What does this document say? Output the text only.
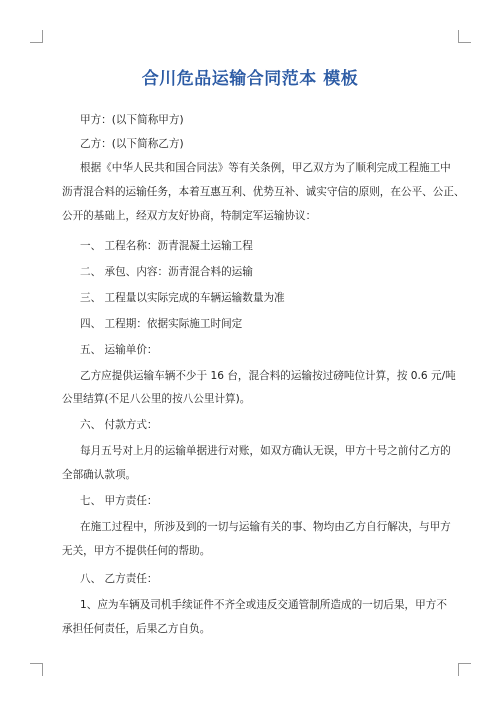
合川危品运输合同范本 模板
甲方：(以下简称甲方)
乙方：(以下简称乙方)
根据《中华人民共和国合同法》等有关条例，甲乙双方为了顺利完成工程施工中
沥青混合料的运输任务，本着互惠互利、优势互补、诚实守信的原则，在公平、公正、
公开的基础上，经双方友好协商，特制定军运输协议：
一、 工程名称：沥青混凝土运输工程
二、 承包、内容：沥青混合料的运输
三、 工程量以实际完成的车辆运输数量为准
四、 工程期：依据实际施工时间定
五、 运输单价：
乙方应提供运输车辆不少于 16 台，混合料的运输按过磅吨位计算，按 0.6 元/吨
公里结算(不足八公里的按八公里计算)。
六、 付款方式：
每月五号对上月的运输单据进行对账，如双方确认无误，甲方十号之前付乙方的
全部确认款项。
七、 甲方责任：
在施工过程中，所涉及到的一切与运输有关的事、物均由乙方自行解决，与甲方
无关，甲方不提供任何的帮助。
八、 乙方责任：
1、应为车辆及司机手续证件不齐全或违反交通管制所造成的一切后果，甲方不
承担任何责任，后果乙方自负。
